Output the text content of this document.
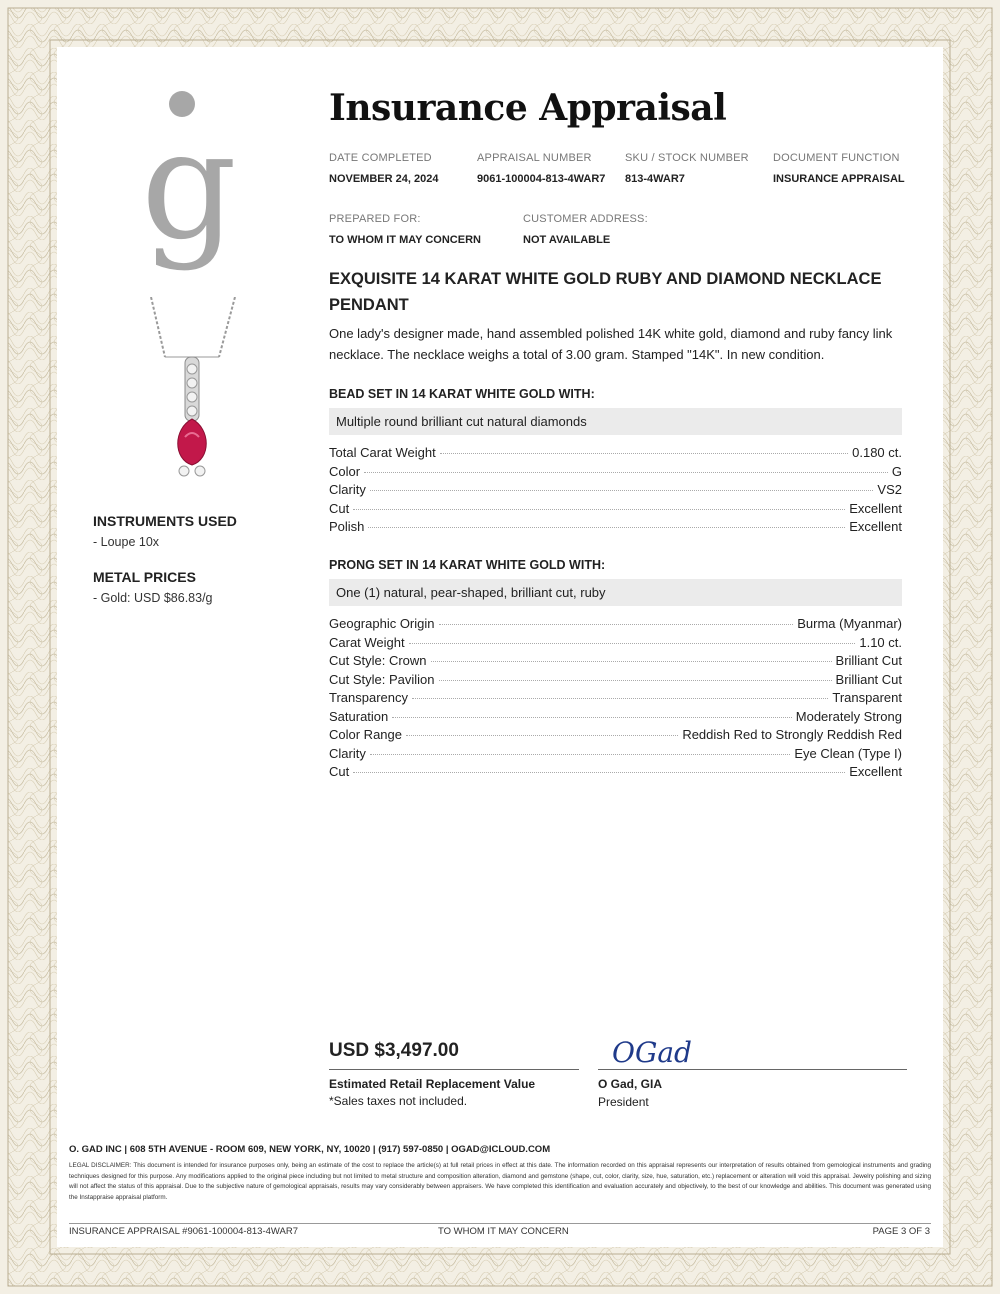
g
INSTRUMENTS USED

- Loupe 10x

METAL PRICES

- Gold: USD $86.83/g

Insurance Appraisal
DATE COMPLETED
NOVEMBER 24, 2024
APPRAISAL NUMBER
9061-100004-813-4WAR7
SKU / STOCK NUMBER
813-4WAR7
DOCUMENT FUNCTION
INSURANCE APPRAISAL
PREPARED FOR:
TO WHOM IT MAY CONCERN
CUSTOMER ADDRESS:
NOT AVAILABLE
EXQUISITE 14 KARAT WHITE GOLD RUBY AND DIAMOND NECKLACE PENDANT
One lady's designer made, hand assembled polished 14K white gold, diamond and ruby fancy link necklace. The necklace weighs a total of 3.00 gram. Stamped "14K". In new condition.
BEAD SET IN 14 KARAT WHITE GOLD WITH:
Multiple round brilliant cut natural diamonds
Total Carat Weight	0.180 ct.
Color	G
Clarity	VS2
Cut	Excellent
Polish	Excellent
PRONG SET IN 14 KARAT WHITE GOLD WITH:
One (1) natural, pear-shaped, brilliant cut, ruby
Geographic Origin	Burma (Myanmar)
Carat Weight	1.10 ct.
Cut Style: Crown	Brilliant Cut
Cut Style: Pavilion	Brilliant Cut
Transparency	Transparent
Saturation	Moderately Strong
Color Range	Reddish Red to Strongly Reddish Red
Clarity	Eye Clean (Type I)
Cut	Excellent
USD $3,497.00
Estimated Retail Replacement Value
*Sales taxes not included.
OGad
O Gad, GIA
President
O. GAD INC | 608 5TH AVENUE - ROOM 609, NEW YORK, NY, 10020 | (917) 597-0850 | OGAD@ICLOUD.COM
LEGAL DISCLAIMER: This document is intended for insurance purposes only, being an estimate of the cost to replace the article(s) at full retail prices in effect at this date. The information recorded on this appraisal represents our interpretation of results obtained from gemological instruments and grading techniques designed for this purpose. Any modifications applied to the original piece including but not limited to metal structure and composition alteration, diamond and gemstone (shape, cut, color, clarity, size, hue, saturation, etc.) replacement or alteration will void this appraisal. Jewelry polishing and sizing will not affect the status of this appraisal. Due to the subjective nature of gemological appraisals, results may vary considerably between appraisers. We have completed this identification and evaluation accurately and objectively, to the best of our knowledge and abilities. This document was generated using the Instappraise appraisal platform.
INSURANCE APPRAISAL #9061-100004-813-4WAR7	TO WHOM IT MAY CONCERN	PAGE 3 OF 3
